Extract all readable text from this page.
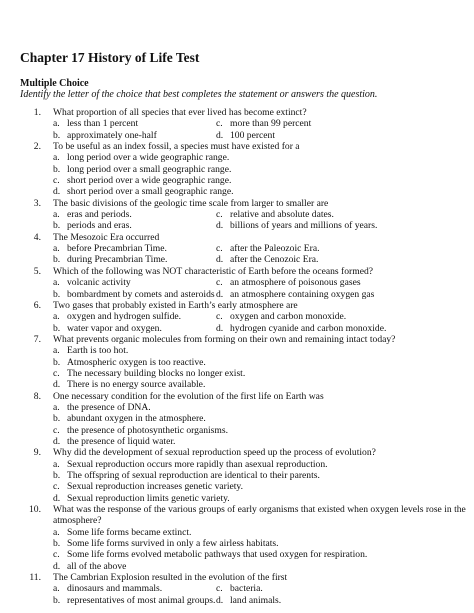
Chapter 17 History of Life Test
Multiple Choice
Identify the letter of the choice that best completes the statement or answers the question.
1. What proportion of all species that ever lived has become extinct?
a. less than 1 percent	c. more than 99 percent
b. approximately one-half	d. 100 percent
2. To be useful as an index fossil, a species must have existed for a
a. long period over a wide geographic range.
b. long period over a small geographic range.
c. short period over a wide geographic range.
d. short period over a small geographic range.
3. The basic divisions of the geologic time scale from larger to smaller are
a. eras and periods.	c. relative and absolute dates.
b. periods and eras.	d. billions of years and millions of years.
4. The Mesozoic Era occurred
a. before Precambrian Time.	c. after the Paleozoic Era.
b. during Precambrian Time.	d. after the Cenozoic Era.
5. Which of the following was NOT characteristic of Earth before the oceans formed?
a. volcanic activity	c. an atmosphere of poisonous gases
b. bombardment by comets and asteroids d. an atmosphere containing oxygen gas
6. Two gases that probably existed in Earth’s early atmosphere are
a. oxygen and hydrogen sulfide.	c. oxygen and carbon monoxide.
b. water vapor and oxygen.	d. hydrogen cyanide and carbon monoxide.
7. What prevents organic molecules from forming on their own and remaining intact today?
a. Earth is too hot.
b. Atmospheric oxygen is too reactive.
c. The necessary building blocks no longer exist.
d. There is no energy source available.
8. One necessary condition for the evolution of the first life on Earth was
a. the presence of DNA.
b. abundant oxygen in the atmosphere.
c. the presence of photosynthetic organisms.
d. the presence of liquid water.
9. Why did the development of sexual reproduction speed up the process of evolution?
a. Sexual reproduction occurs more rapidly than asexual reproduction.
b. The offspring of sexual reproduction are identical to their parents.
c. Sexual reproduction increases genetic variety.
d. Sexual reproduction limits genetic variety.
10. What was the response of the various groups of early organisms that existed when oxygen levels rose in the
atmosphere?
a. Some life forms became extinct.
b. Some life forms survived in only a few airless habitats.
c. Some life forms evolved metabolic pathways that used oxygen for respiration.
d. all of the above
11. The Cambrian Explosion resulted in the evolution of the first
a. dinosaurs and mammals.	c. bacteria.
b. representatives of most animal groups. d. land animals.
